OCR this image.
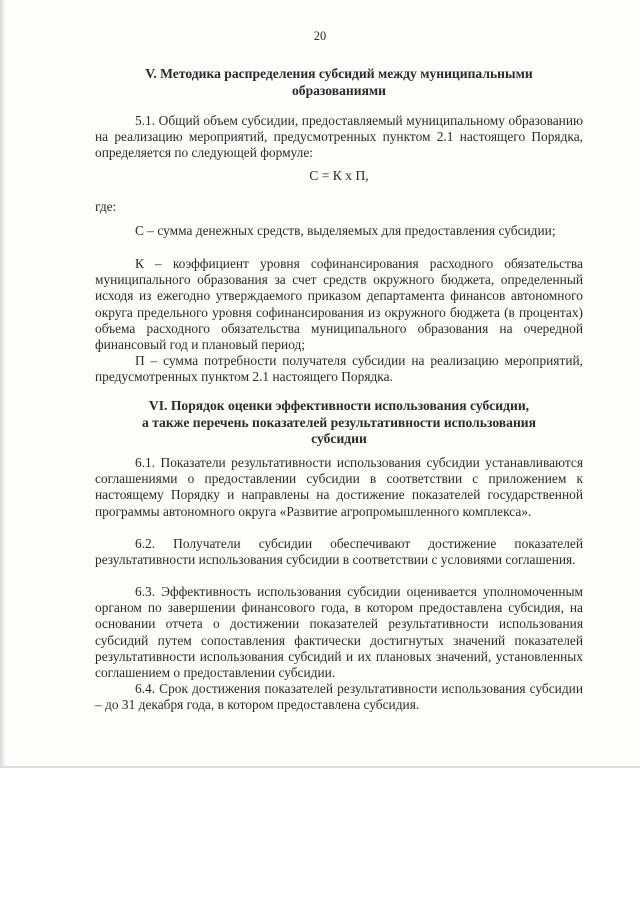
20
V. Методика распределения субсидий между муниципальными
образованиями
5.1. Общий объем субсидии, предоставляемый муниципальному образованию на реализацию мероприятий, предусмотренных пунктом 2.1 настоящего Порядка, определяется по следующей формуле:
С = К х П,
где:
С – сумма денежных средств, выделяемых для предоставления субсидии;
К – коэффициент уровня софинансирования расходного обязательства муниципального образования за счет средств окружного бюджета, определенный исходя из ежегодно утверждаемого приказом департамента финансов автономного округа предельного уровня софинансирования из окружного бюджета (в процентах) объема расходного обязательства муниципального образования на очередной финансовый год и плановый период;
П – сумма потребности получателя субсидии на реализацию мероприятий, предусмотренных пунктом 2.1 настоящего Порядка.
VI. Порядок оценки эффективности использования субсидии,
а также перечень показателей результативности использования
субсидии
6.1. Показатели результативности использования субсидии устанавливаются соглашениями о предоставлении субсидии в соответствии с приложением к настоящему Порядку и направлены на достижение показателей государственной программы автономного округа «Развитие агропромышленного комплекса».
6.2. Получатели субсидии обеспечивают достижение показателей результативности использования субсидии в соответствии с условиями соглашения.
6.3. Эффективность использования субсидии оценивается уполномоченным органом по завершении финансового года, в котором предоставлена субсидия, на основании отчета о достижении показателей результативности использования субсидий путем сопоставления фактически достигнутых значений показателей результативности использования субсидий и их плановых значений, установленных соглашением о предоставлении субсидии.
6.4. Срок достижения показателей результативности использования субсидии – до 31 декабря года, в котором предоставлена субсидия.
